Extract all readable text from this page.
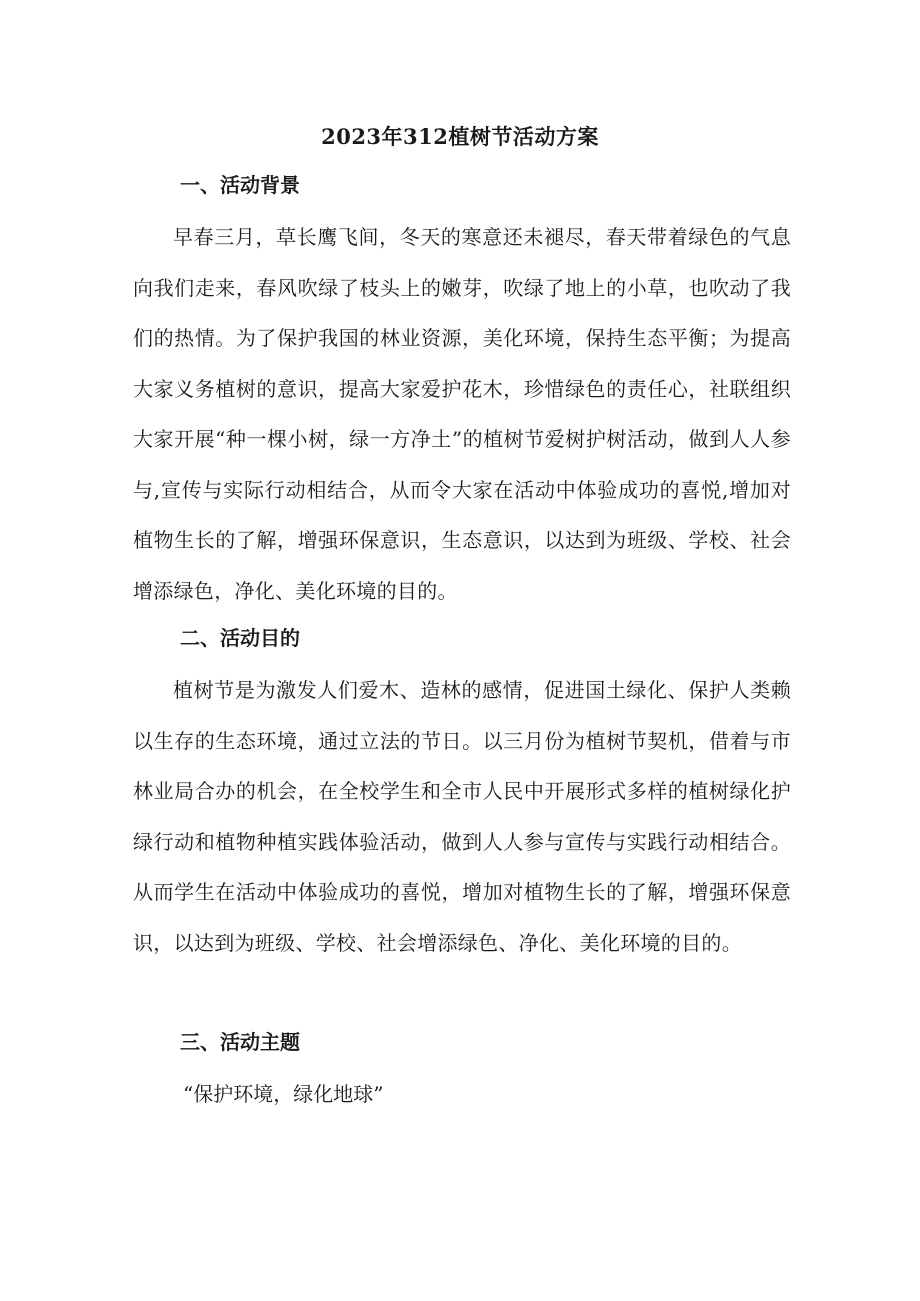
2023年312植树节活动方案
一、活动背景
早春三月，草长鹰飞间，冬天的寒意还未褪尽，春天带着绿色的气息向我们走来，春风吹绿了枝头上的嫩芽，吹绿了地上的小草，也吹动了我们的热情。为了保护我国的林业资源，美化环境，保持生态平衡；为提高大家义务植树的意识，提高大家爱护花木，珍惜绿色的责任心，社联组织大家开展“种一棵小树，绿一方净土”的植树节爱树护树活动，做到人人参与,宣传与实际行动相结合，从而令大家在活动中体验成功的喜悦,增加对植物生长的了解，增强环保意识，生态意识，以达到为班级、学校、社会增添绿色，净化、美化环境的目的。
二、活动目的
植树节是为激发人们爱木、造林的感情，促进国土绿化、保护人类赖以生存的生态环境，通过立法的节日。以三月份为植树节契机，借着与市林业局合办的机会，在全校学生和全市人民中开展形式多样的植树绿化护绿行动和植物种植实践体验活动，做到人人参与宣传与实践行动相结合。从而学生在活动中体验成功的喜悦，增加对植物生长的了解，增强环保意识，以达到为班级、学校、社会增添绿色、净化、美化环境的目的。
三、活动主题
“保护环境，绿化地球”
